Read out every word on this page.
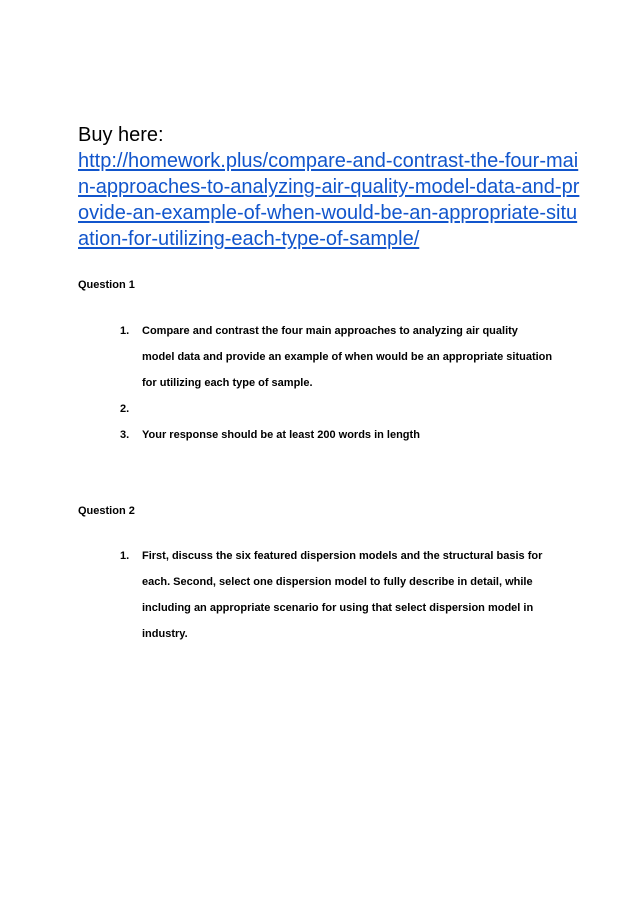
Buy here:
http://homework.plus/compare-and-contrast-the-four-mai
n-approaches-to-analyzing-air-quality-model-data-and-pr
ovide-an-example-of-when-would-be-an-appropriate-situ
ation-for-utilizing-each-type-of-sample/
Question 1
1. Compare and contrast the four main approaches to analyzing air quality
model data and provide an example of when would be an appropriate situation
for utilizing each type of sample.
2.
3. Your response should be at least 200 words in length
Question 2
1. First, discuss the six featured dispersion models and the structural basis for
each. Second, select one dispersion model to fully describe in detail, while
including an appropriate scenario for using that select dispersion model in
industry.
